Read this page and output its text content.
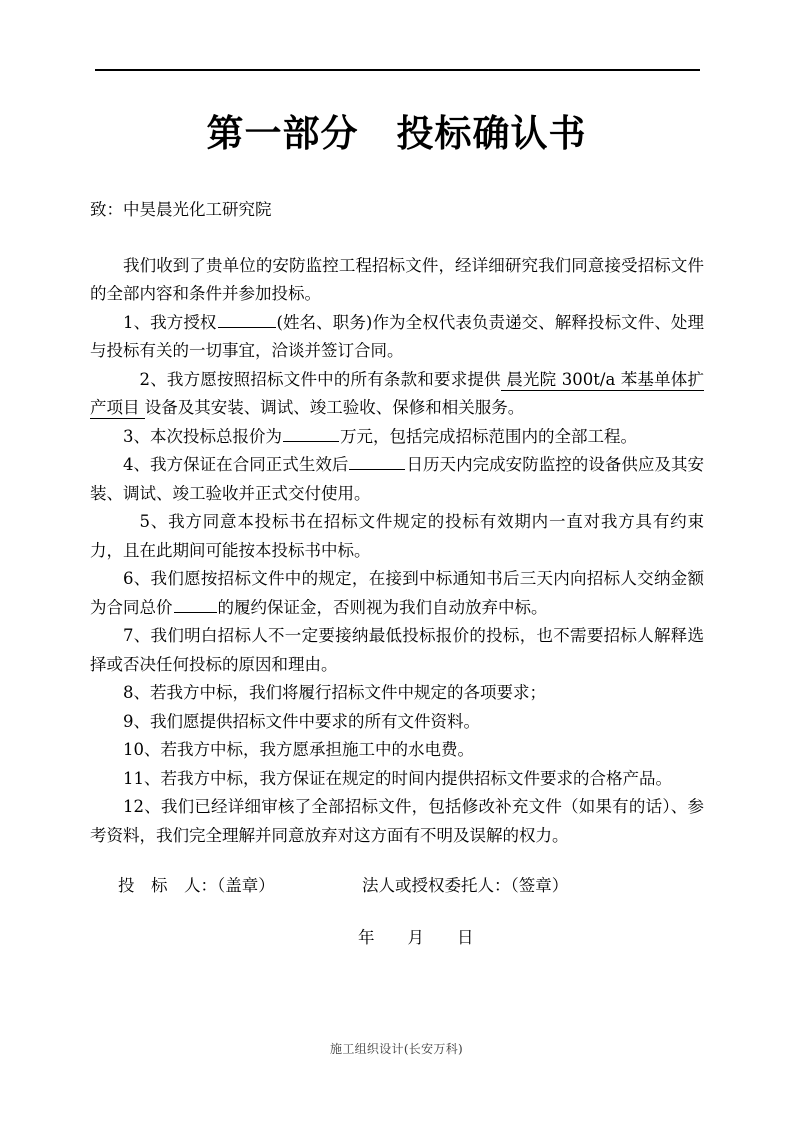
第一部分　投标确认书

致：中昊晨光化工研究院

我们收到了贵单位的安防监控工程招标文件，经详细研究我们同意接受招标文件的全部内容和条件并参加投标。

1、我方授权	(姓名、职务)作为全权代表负责递交、解释投标文件、处理与投标有关的一切事宜，洽谈并签订合同。

2、我方愿按照招标文件中的所有条款和要求提供 晨光院 300t/a 苯基单体扩产项目 设备及其安装、调试、竣工验收、保修和相关服务。

3、本次投标总报价为	万元，包括完成招标范围内的全部工程。

4、我方保证在合同正式生效后	日历天内完成安防监控的设备供应及其安装、调试、竣工验收并正式交付使用。

5、我方同意本投标书在招标文件规定的投标有效期内一直对我方具有约束力，且在此期间可能按本投标书中标。

6、我们愿按招标文件中的规定，在接到中标通知书后三天内向招标人交纳金额为合同总价	的履约保证金，否则视为我们自动放弃中标。

7、我们明白招标人不一定要接纳最低投标报价的投标，也不需要招标人解释选择或否决任何投标的原因和理由。

8、若我方中标，我们将履行招标文件中规定的各项要求；

9、我们愿提供招标文件中要求的所有文件资料。

10、若我方中标，我方愿承担施工中的水电费。

11、若我方中标，我方保证在规定的时间内提供招标文件要求的合格产品。

12、我们已经详细审核了全部招标文件，包括修改补充文件（如果有的话）、参考资料，我们完全理解并同意放弃对这方面有不明及误解的权力。

投　标　人：（盖章）	法人或授权委托人：（签章）
年　　月　　日
施工组织设计(长安万科)
